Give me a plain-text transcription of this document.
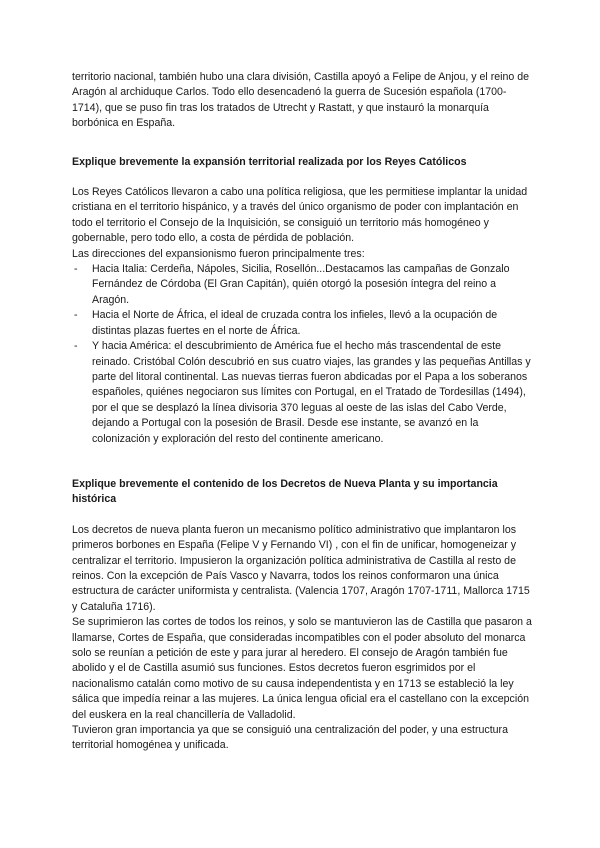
territorio nacional, también hubo una clara división, Castilla apoyó a Felipe de Anjou, y el reino de Aragón al archiduque Carlos. Todo ello desencadenó la guerra de Sucesión española (1700-1714), que se puso fin tras los tratados de Utrecht y Rastatt, y que instauró la monarquía borbónica en España.

Explique brevemente la expansión territorial realizada por los Reyes Católicos

Los Reyes Católicos llevaron a cabo una política religiosa, que les permitiese implantar la unidad cristiana en el territorio hispánico, y a través del único organismo de poder con implantación en todo el territorio el Consejo de la Inquisición, se consiguió un territorio más homogéneo y gobernable, pero todo ello, a costa de pérdida de población.

Las direcciones del expansionismo fueron principalmente tres:

- Hacia Italia: Cerdeña, Nápoles, Sicilia, Rosellón...Destacamos las campañas de Gonzalo Fernández de Córdoba (El Gran Capitán), quién otorgó la posesión íntegra del reino a Aragón.
- Hacia el Norte de África, el ideal de cruzada contra los infieles, llevó a la ocupación de distintas plazas fuertes en el norte de África.
- Y hacia América: el descubrimiento de América fue el hecho más trascendental de este reinado. Cristóbal Colón descubrió en sus cuatro viajes, las grandes y las pequeñas Antillas y parte del litoral continental. Las nuevas tierras fueron abdicadas por el Papa a los soberanos españoles, quiénes negociaron sus límites con Portugal, en el Tratado de Tordesillas (1494), por el que se desplazó la línea divisoria 370 leguas al oeste de las islas del Cabo Verde, dejando a Portugal con la posesión de Brasil. Desde ese instante, se avanzó en la colonización y exploración del resto del continente americano.

Explique brevemente el contenido de los Decretos de Nueva Planta y su importancia histórica

Los decretos de nueva planta fueron un mecanismo político administrativo que implantaron los primeros borbones en España (Felipe V y Fernando VI) , con el fin de unificar, homogeneizar y centralizar el territorio. Impusieron la organización política administrativa de Castilla al resto de reinos. Con la excepción de País Vasco y Navarra, todos los reinos conformaron una única estructura de carácter uniformista y centralista. (Valencia 1707, Aragón 1707-1711, Mallorca 1715 y Cataluña 1716).

Se suprimieron las cortes de todos los reinos, y solo se mantuvieron las de Castilla que pasaron a llamarse, Cortes de España, que consideradas incompatibles con el poder absoluto del monarca solo se reunían a petición de este y para jurar al heredero. El consejo de Aragón también fue abolido y el de Castilla asumió sus funciones. Estos decretos fueron esgrimidos por el nacionalismo catalán como motivo de su causa independentista y en 1713 se estableció la ley sálica que impedía reinar a las mujeres. La única lengua oficial era el castellano con la excepción del euskera en la real chancillería de Valladolid.

Tuvieron gran importancia ya que se consiguió una centralización del poder, y una estructura territorial homogénea y unificada.
